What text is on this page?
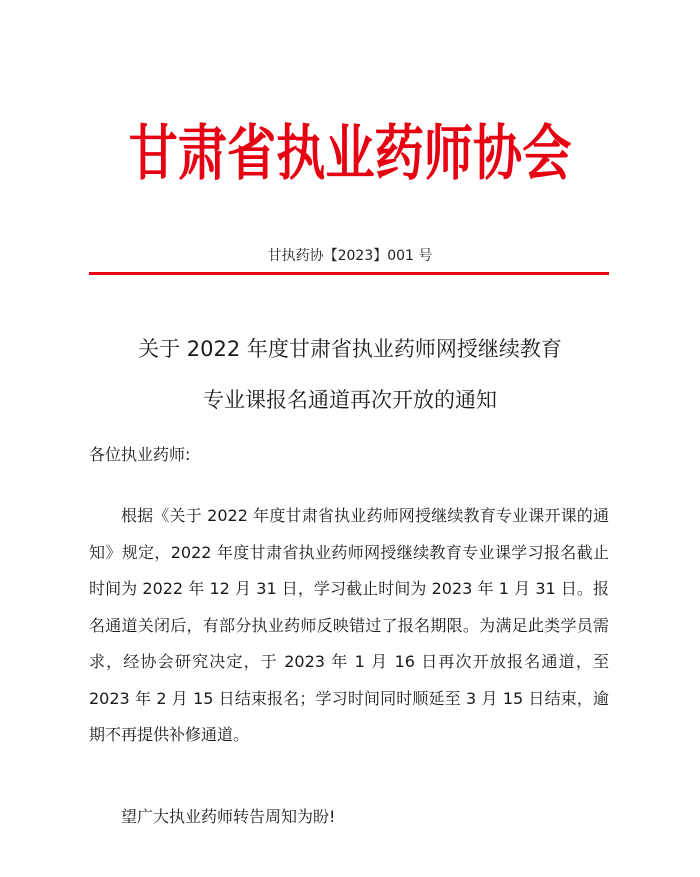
甘肃省执业药师协会
甘执药协【2023】001 号
关于 2022 年度甘肃省执业药师网授继续教育
专业课报名通道再次开放的通知
各位执业药师:

根据《关于 2022 年度甘肃省执业药师网授继续教育专业课开课的通知》规定，2022 年度甘肃省执业药师网授继续教育专业课学习报名截止时间为 2022 年 12 月 31 日，学习截止时间为 2023 年 1 月 31 日。报名通道关闭后，有部分执业药师反映错过了报名期限。为满足此类学员需求，经协会研究决定，于 2023 年 1 月 16 日再次开放报名通道，至 2023 年 2 月 15 日结束报名；学习时间同时顺延至 3 月 15 日结束，逾期不再提供补修通道。

望广大执业药师转告周知为盼!
